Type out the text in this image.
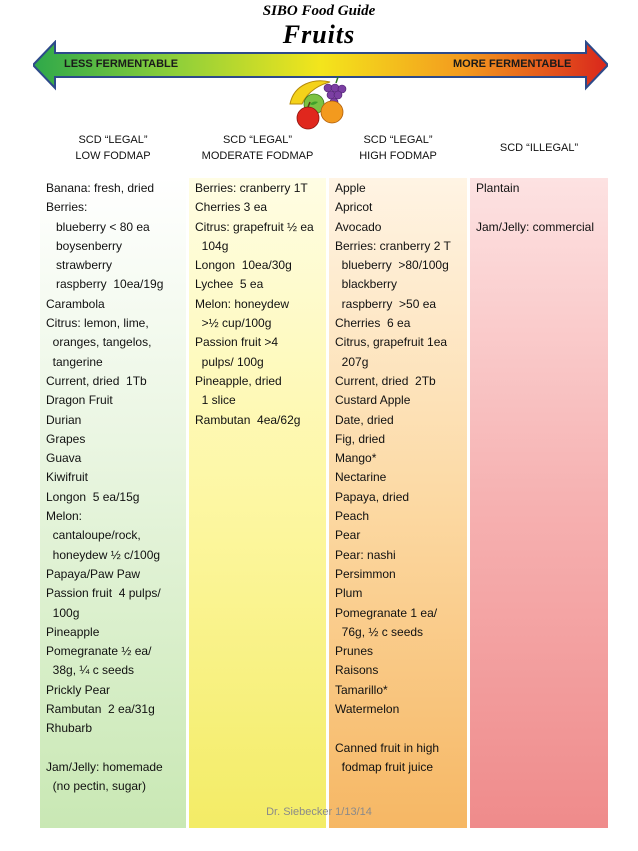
SIBO Food Guide
Fruits
LESS FERMENTABLE	MORE FERMENTABLE
SCD “LEGAL”
LOW FODMAP
SCD “LEGAL”
MODERATE FODMAP
SCD “LEGAL”
HIGH FODMAP
SCD “ILLEGAL”
Banana: fresh, dried
Berries:
blueberry < 80 ea
boysenberry
strawberry
raspberry  10ea/19g
Carambola
Citrus: lemon, lime,
oranges, tangelos,
tangerine
Current, dried  1Tb
Dragon Fruit
Durian
Grapes
Guava
Kiwifruit
Longon  5 ea/15g
Melon:
cantaloupe/rock,
honeydew ½ c/100g
Papaya/Paw Paw
Passion fruit  4 pulps/
100g
Pineapple
Pomegranate ½ ea/
38g, ¼ c seeds
Prickly Pear
Rambutan  2 ea/31g
Rhubarb

Jam/Jelly: homemade
(no pectin, sugar)
Berries: cranberry 1T
Cherries 3 ea
Citrus: grapefruit ½ ea
104g
Longon  10ea/30g
Lychee  5 ea
Melon: honeydew
>½ cup/100g
Passion fruit >4
pulps/ 100g
Pineapple, dried
1 slice
Rambutan  4ea/62g
Apple
Apricot
Avocado
Berries: cranberry 2 T
blueberry  >80/100g
blackberry
raspberry  >50 ea
Cherries  6 ea
Citrus, grapefruit 1ea
207g
Current, dried  2Tb
Custard Apple
Date, dried
Fig, dried
Mango*
Nectarine
Papaya, dried
Peach
Pear
Pear: nashi
Persimmon
Plum
Pomegranate 1 ea/
76g, ½ c seeds
Prunes
Raisons
Tamarillo*
Watermelon

Canned fruit in high
fodmap fruit juice
Plantain

Jam/Jelly: commercial
Dr. Siebecker 1/13/14
